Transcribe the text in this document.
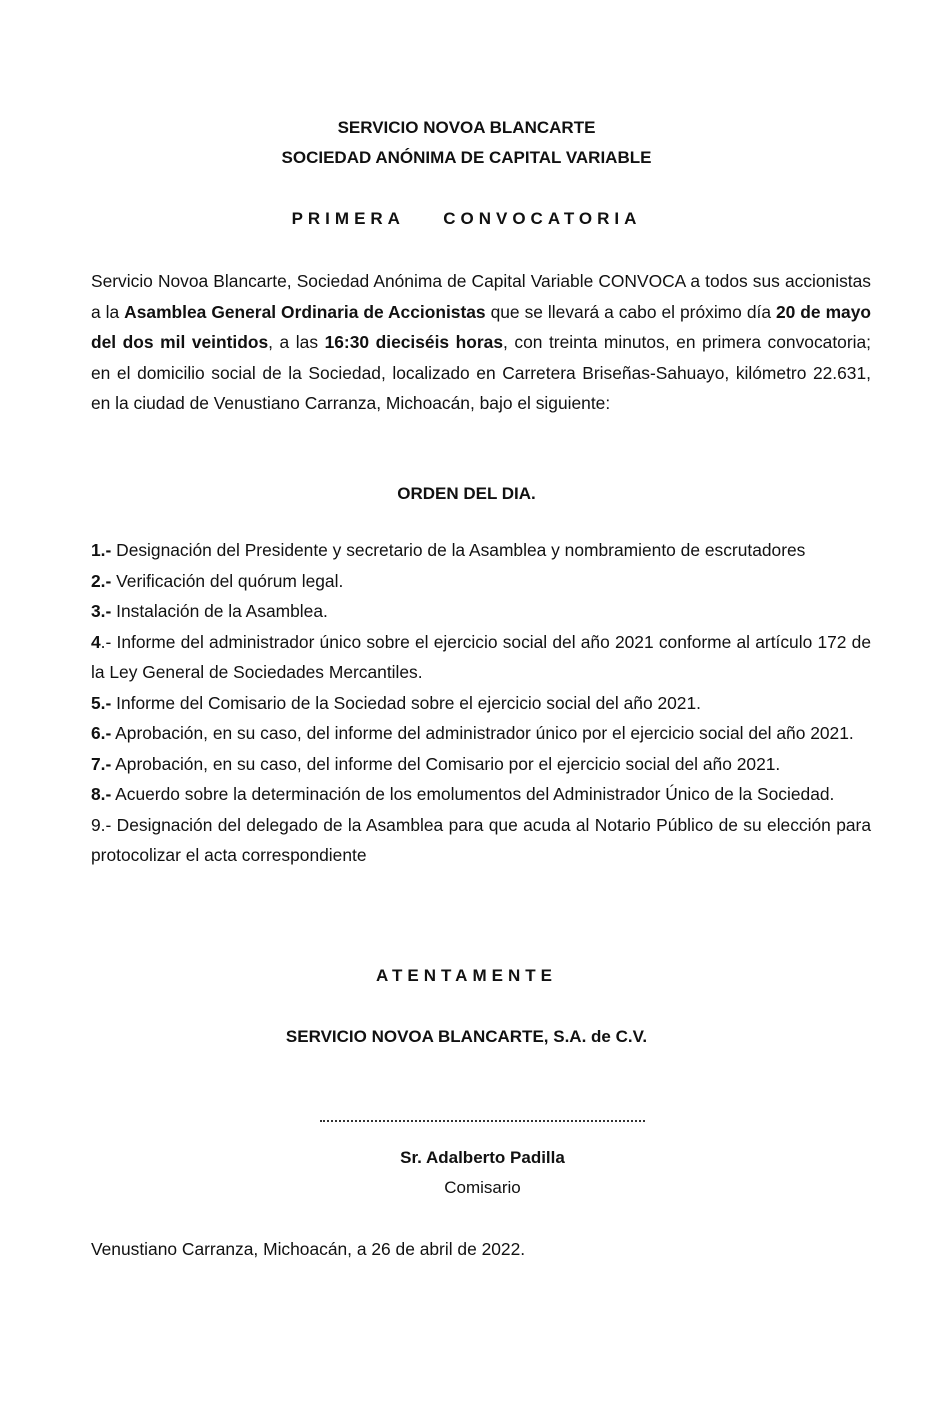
SERVICIO NOVOA BLANCARTE
SOCIEDAD ANÓNIMA DE CAPITAL VARIABLE
PRIMERA    CONVOCATORIA

Servicio Novoa Blancarte, Sociedad Anónima de Capital Variable CONVOCA a todos sus accionistas a la Asamblea General Ordinaria de Accionistas que se llevará a cabo el próximo día 20 de mayo del dos mil veintidos, a las 16:30 dieciséis horas, con treinta minutos, en primera convocatoria; en el domicilio social de la Sociedad, localizado en Carretera Briseñas-Sahuayo, kilómetro 22.631, en la ciudad de Venustiano Carranza, Michoacán, bajo el siguiente:

ORDEN DEL DIA.
1.- Designación del Presidente y secretario de la Asamblea y nombramiento de escrutadores
2.- Verificación del quórum legal.
3.- Instalación de la Asamblea.
4.- Informe del administrador único sobre el ejercicio social del año 2021 conforme al artículo 172 de la Ley General de Sociedades Mercantiles.
5.- Informe del Comisario de la Sociedad sobre el ejercicio social del año 2021.
6.- Aprobación, en su caso, del informe del administrador único por el ejercicio social del año 2021.
7.- Aprobación, en su caso, del informe del Comisario por el ejercicio social del año 2021.
8.- Acuerdo sobre la determinación de los emolumentos del Administrador Único de la Sociedad.
9.- Designación del delegado de la Asamblea para que acuda al Notario Público de su elección para protocolizar el acta correspondiente
ATENTAMENTE
SERVICIO NOVOA BLANCARTE, S.A. de C.V.
Sr. Adalberto Padilla
Comisario
Venustiano Carranza, Michoacán, a 26 de abril de 2022.
